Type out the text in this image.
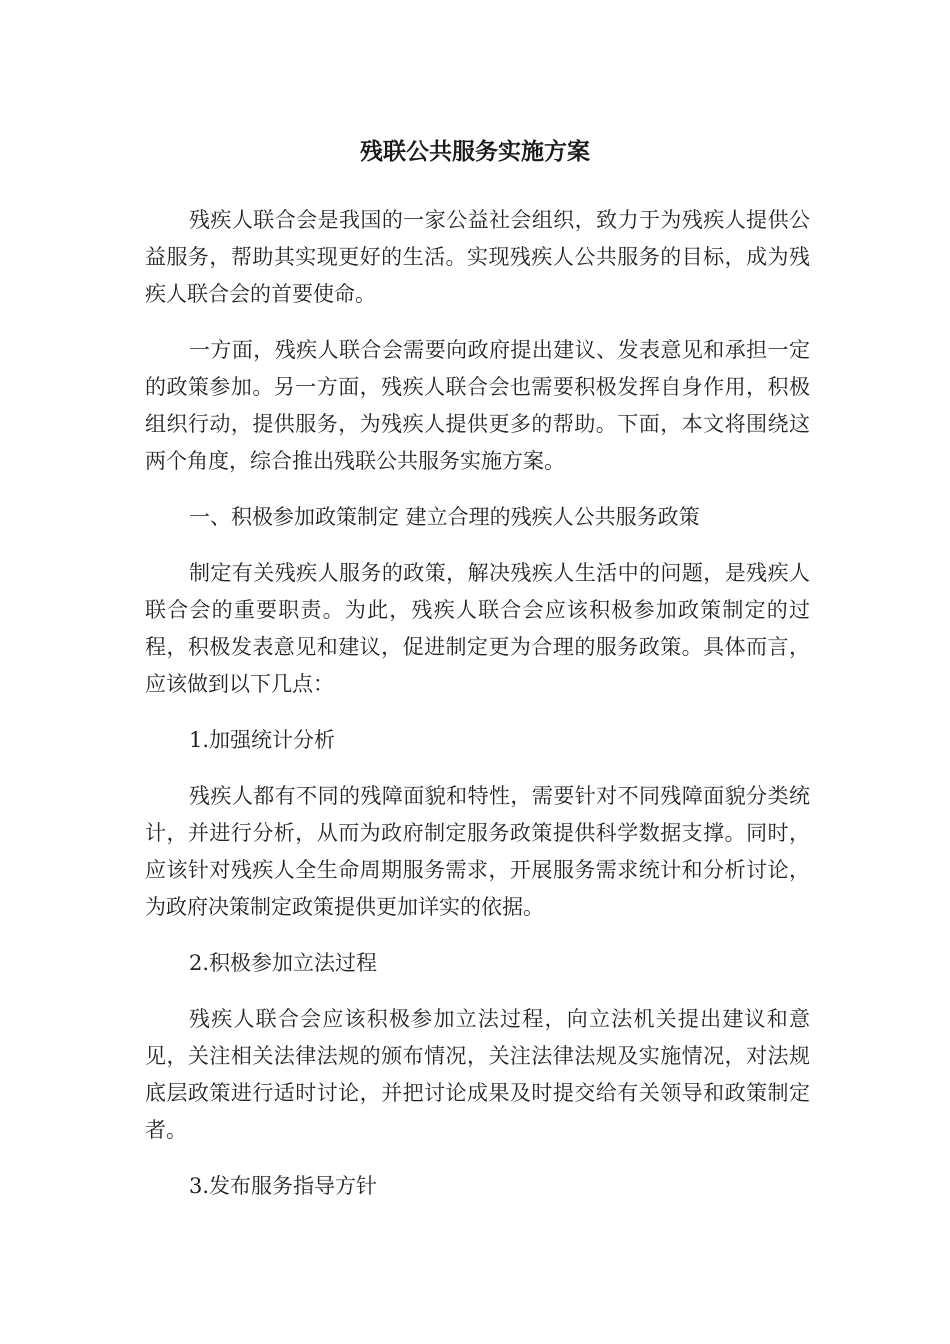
残联公共服务实施方案

残疾人联合会是我国的一家公益社会组织，致力于为残疾人提供公益服务，帮助其实现更好的生活。实现残疾人公共服务的目标，成为残疾人联合会的首要使命。

一方面，残疾人联合会需要向政府提出建议、发表意见和承担一定的政策参加。另一方面，残疾人联合会也需要积极发挥自身作用，积极组织行动，提供服务，为残疾人提供更多的帮助。下面，本文将围绕这两个角度，综合推出残联公共服务实施方案。

一、积极参加政策制定 建立合理的残疾人公共服务政策

制定有关残疾人服务的政策，解决残疾人生活中的问题，是残疾人联合会的重要职责。为此，残疾人联合会应该积极参加政策制定的过程，积极发表意见和建议，促进制定更为合理的服务政策。具体而言，应该做到以下几点：

1.加强统计分析

残疾人都有不同的残障面貌和特性，需要针对不同残障面貌分类统计，并进行分析，从而为政府制定服务政策提供科学数据支撑。同时，应该针对残疾人全生命周期服务需求，开展服务需求统计和分析讨论，为政府决策制定政策提供更加详实的依据。

2.积极参加立法过程

残疾人联合会应该积极参加立法过程，向立法机关提出建议和意见，关注相关法律法规的颁布情况，关注法律法规及实施情况，对法规底层政策进行适时讨论，并把讨论成果及时提交给有关领导和政策制定者。

3.发布服务指导方针
